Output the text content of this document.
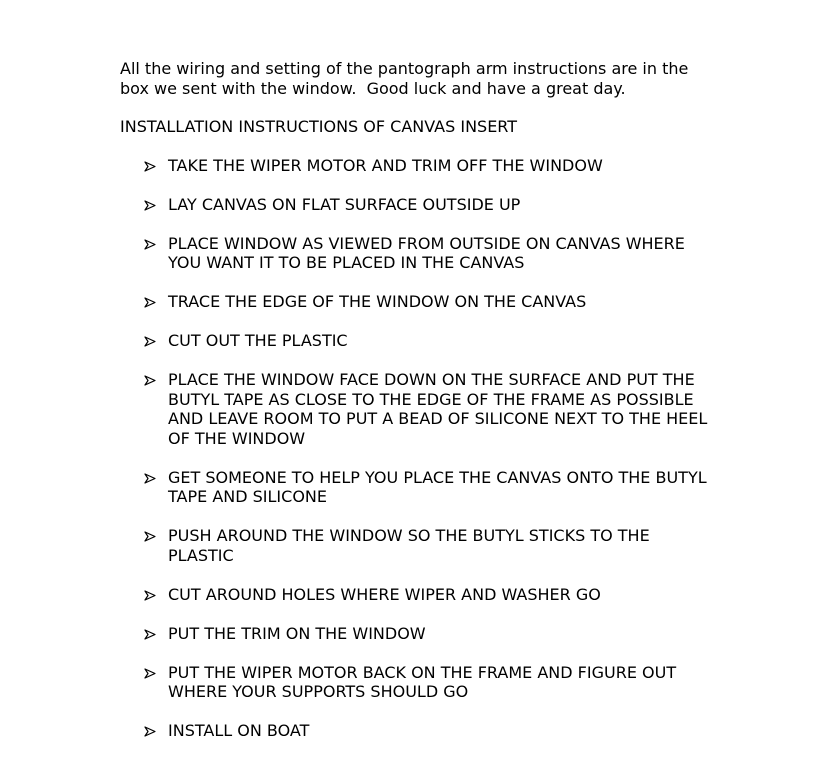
All the wiring and setting of the pantograph arm instructions are in the box we sent with the window.  Good luck and have a great day.

INSTALLATION INSTRUCTIONS OF CANVAS INSERT

TAKE THE WIPER MOTOR AND TRIM OFF THE WINDOW
LAY CANVAS ON FLAT SURFACE OUTSIDE UP
PLACE WINDOW AS VIEWED FROM OUTSIDE ON CANVAS WHERE YOU WANT IT TO BE PLACED IN THE CANVAS
TRACE THE EDGE OF THE WINDOW ON THE CANVAS
CUT OUT THE PLASTIC
PLACE THE WINDOW FACE DOWN ON THE SURFACE AND PUT THE BUTYL TAPE AS CLOSE TO THE EDGE OF THE FRAME AS POSSIBLE AND LEAVE ROOM TO PUT A BEAD OF SILICONE NEXT TO THE HEEL OF THE WINDOW
GET SOMEONE TO HELP YOU PLACE THE CANVAS ONTO THE BUTYL TAPE AND SILICONE
PUSH AROUND THE WINDOW SO THE BUTYL STICKS TO THE PLASTIC
CUT AROUND HOLES WHERE WIPER AND WASHER GO
PUT THE TRIM ON THE WINDOW
PUT THE WIPER MOTOR BACK ON THE FRAME AND FIGURE OUT WHERE YOUR SUPPORTS SHOULD GO
INSTALL ON BOAT
